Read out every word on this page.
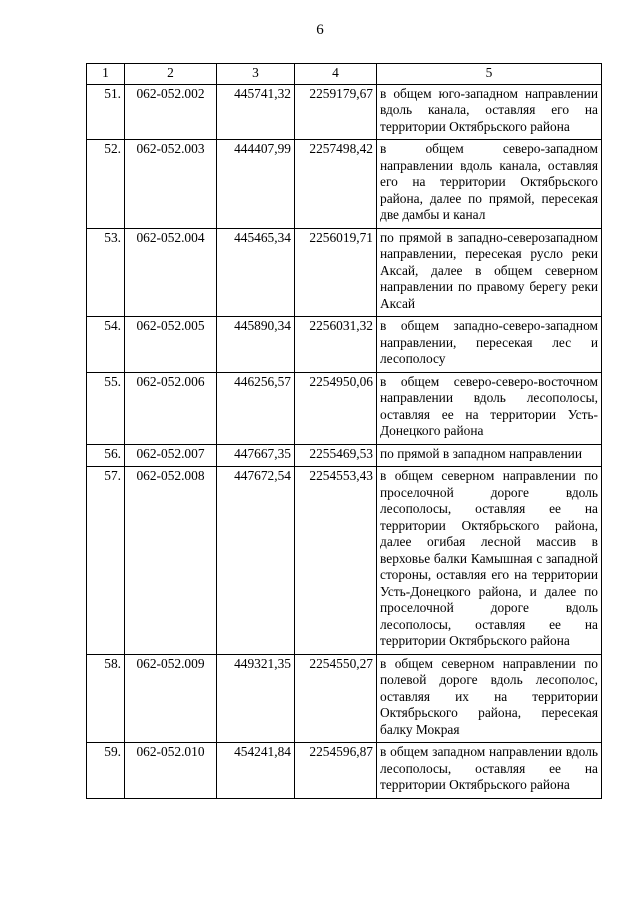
6
1	2	3	4	5
51.	062-052.002	445741,32	2259179,67	в общем юго-западном направлении вдоль канала, оставляя его на территории Октябрьского района
52.	062-052.003	444407,99	2257498,42	в общем северо-западном направлении вдоль канала, оставляя его на территории Октябрьского района, далее по прямой, пересекая две дамбы и канал
53.	062-052.004	445465,34	2256019,71	по прямой в западно-северозападном направлении, пересекая русло реки Аксай, далее в общем северном направлении по правому берегу реки Аксай
54.	062-052.005	445890,34	2256031,32	в общем западно-северо-западном направлении, пересекая лес и лесополосу
55.	062-052.006	446256,57	2254950,06	в общем северо-северо-восточном направлении вдоль лесополосы, оставляя ее на территории Усть-Донецкого района
56.	062-052.007	447667,35	2255469,53	по прямой в западном направлении
57.	062-052.008	447672,54	2254553,43	в общем северном направлении по проселочной дороге вдоль лесополосы, оставляя ее на территории Октябрьского района, далее огибая лесной массив в верховье балки Камышная с западной стороны, оставляя его на территории Усть-Донецкого района, и далее по проселочной дороге вдоль лесополосы, оставляя ее на территории Октябрьского района
58.	062-052.009	449321,35	2254550,27	в общем северном направлении по полевой дороге вдоль лесополос, оставляя их на территории Октябрьского района, пересекая балку Мокрая
59.	062-052.010	454241,84	2254596,87	в общем западном направлении вдоль лесополосы, оставляя ее на территории Октябрьского района
